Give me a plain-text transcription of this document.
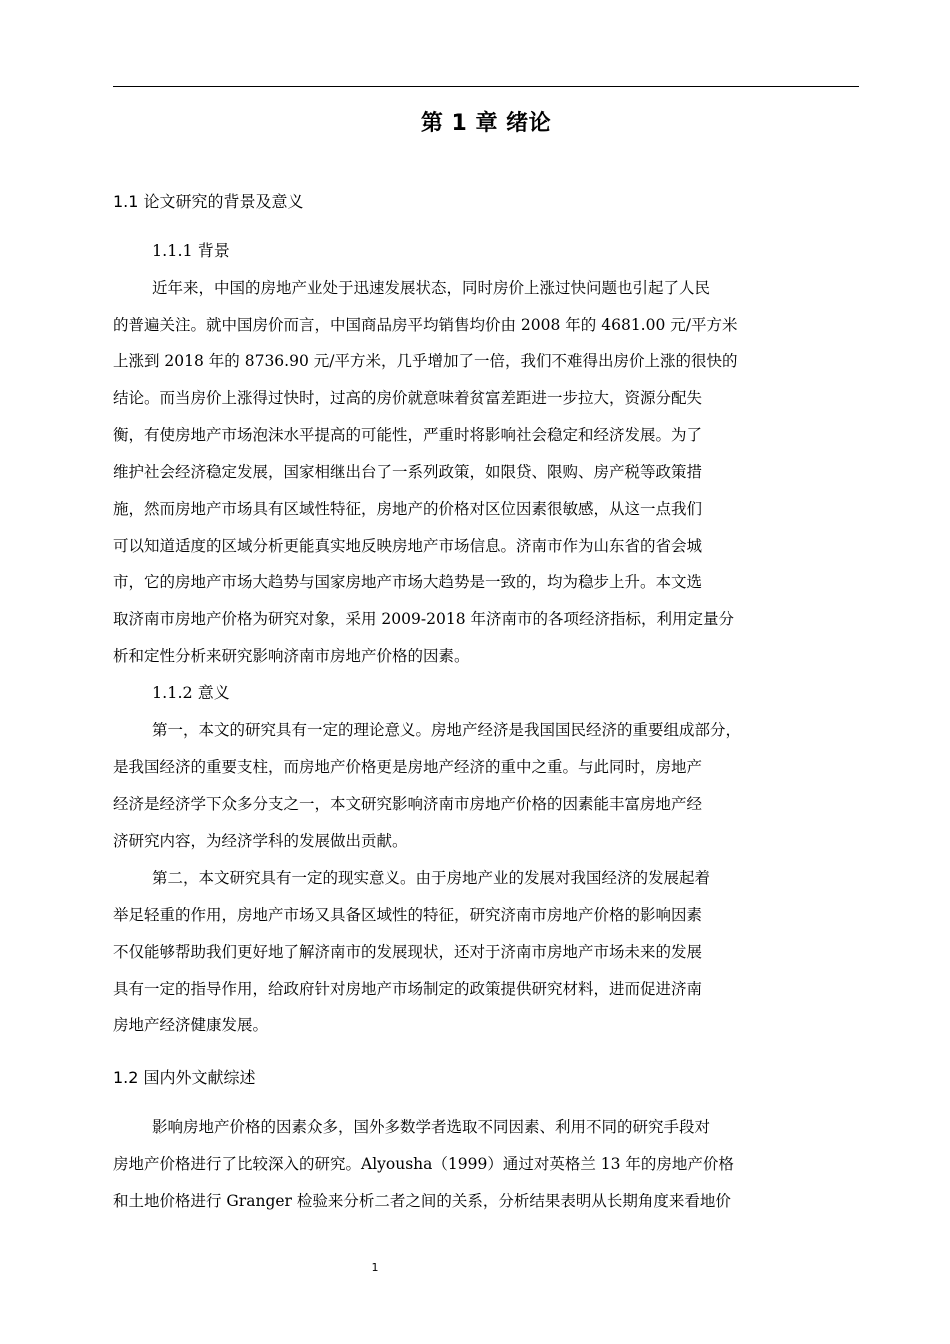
第 1 章 绪论
1.1 论文研究的背景及意义
1.1.1 背景
近年来，中国的房地产业处于迅速发展状态，同时房价上涨过快问题也引起了人民
的普遍关注。就中国房价而言，中国商品房平均销售均价由 2008 年的 4681.00 元/平方米
上涨到 2018 年的 8736.90 元/平方米，几乎增加了一倍，我们不难得出房价上涨的很快的
结论。而当房价上涨得过快时，过高的房价就意味着贫富差距进一步拉大，资源分配失
衡，有使房地产市场泡沫水平提高的可能性，严重时将影响社会稳定和经济发展。为了
维护社会经济稳定发展，国家相继出台了一系列政策，如限贷、限购、房产税等政策措
施，然而房地产市场具有区域性特征，房地产的价格对区位因素很敏感，从这一点我们
可以知道适度的区域分析更能真实地反映房地产市场信息。济南市作为山东省的省会城
市，它的房地产市场大趋势与国家房地产市场大趋势是一致的，均为稳步上升。本文选
取济南市房地产价格为研究对象，采用 2009-2018 年济南市的各项经济指标，利用定量分
析和定性分析来研究影响济南市房地产价格的因素。
1.1.2 意义
第一，本文的研究具有一定的理论意义。房地产经济是我国国民经济的重要组成部分，
是我国经济的重要支柱，而房地产价格更是房地产经济的重中之重。与此同时，房地产
经济是经济学下众多分支之一，本文研究影响济南市房地产价格的因素能丰富房地产经
济研究内容，为经济学科的发展做出贡献。
第二，本文研究具有一定的现实意义。由于房地产业的发展对我国经济的发展起着
举足轻重的作用，房地产市场又具备区域性的特征，研究济南市房地产价格的影响因素
不仅能够帮助我们更好地了解济南市的发展现状，还对于济南市房地产市场未来的发展
具有一定的指导作用，给政府针对房地产市场制定的政策提供研究材料，进而促进济南
房地产经济健康发展。
1.2 国内外文献综述
影响房地产价格的因素众多，国外多数学者选取不同因素、利用不同的研究手段对
房地产价格进行了比较深入的研究。Alyousha（1999）通过对英格兰 13 年的房地产价格
和土地价格进行 Granger 检验来分析二者之间的关系，分析结果表明从长期角度来看地价
1
